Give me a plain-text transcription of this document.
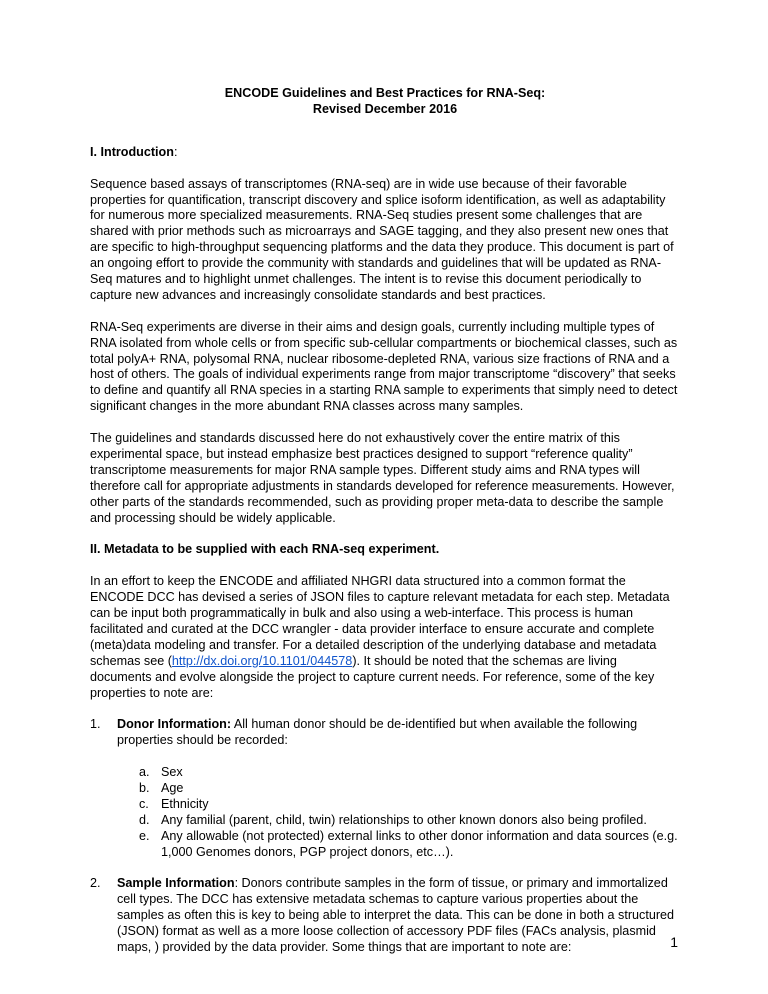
ENCODE Guidelines and Best Practices for RNA-Seq:
Revised December 2016

I. Introduction:

Sequence based assays of transcriptomes (RNA-seq) are in wide use because of their favorable properties for quantification, transcript discovery and splice isoform identification, as well as adaptability for numerous more specialized measurements. RNA-Seq studies present some challenges that are shared with prior methods such as microarrays and SAGE tagging, and they also present new ones that are specific to high-throughput sequencing platforms and the data they produce. This document is part of an ongoing effort to provide the community with standards and guidelines that will be updated as RNA-Seq matures and to highlight unmet challenges. The intent is to revise this document periodically to capture new advances and increasingly consolidate standards and best practices.

RNA-Seq experiments are diverse in their aims and design goals, currently including multiple types of RNA isolated from whole cells or from specific sub-cellular compartments or biochemical classes, such as total polyA+ RNA, polysomal RNA, nuclear ribosome-depleted RNA, various size fractions of RNA and a host of others. The goals of individual experiments range from major transcriptome “discovery” that seeks to define and quantify all RNA species in a starting RNA sample to experiments that simply need to detect significant changes in the more abundant RNA classes across many samples.

The guidelines and standards discussed here do not exhaustively cover the entire matrix of this experimental space, but instead emphasize best practices designed to support “reference quality” transcriptome measurements for major RNA sample types. Different study aims and RNA types will therefore call for appropriate adjustments in standards developed for reference measurements. However, other parts of the standards recommended, such as providing proper meta-data to describe the sample and processing should be widely applicable.

II. Metadata to be supplied with each RNA-seq experiment.

In an effort to keep the ENCODE and affiliated NHGRI data structured into a common format the ENCODE DCC has devised a series of JSON files to capture relevant metadata for each step. Metadata can be input both programmatically in bulk and also using a web-interface. This process is human facilitated and curated at the DCC wrangler - data provider interface to ensure accurate and complete (meta)data modeling and transfer. For a detailed description of the underlying database and metadata schemas see (http://dx.doi.org/10.1101/044578). It should be noted that the schemas are living documents and evolve alongside the project to capture current needs. For reference, some of the key properties to note are:

1.	Donor Information: All human donor should be de-identified but when available the following properties should be recorded:
a. Sex
b. Age
c. Ethnicity
d. Any familial (parent, child, twin) relationships to other known donors also being profiled.
e. Any allowable (not protected) external links to other donor information and data sources (e.g. 1,000 Genomes donors, PGP project donors, etc…).
2.	Sample Information: Donors contribute samples in the form of tissue, or primary and immortalized cell types. The DCC has extensive metadata schemas to capture various properties about the samples as often this is key to being able to interpret the data. This can be done in both a structured (JSON) format as well as a more loose collection of accessory PDF files (FACs analysis, plasmid maps, ) provided by the data provider. Some things that are important to note are:	1
